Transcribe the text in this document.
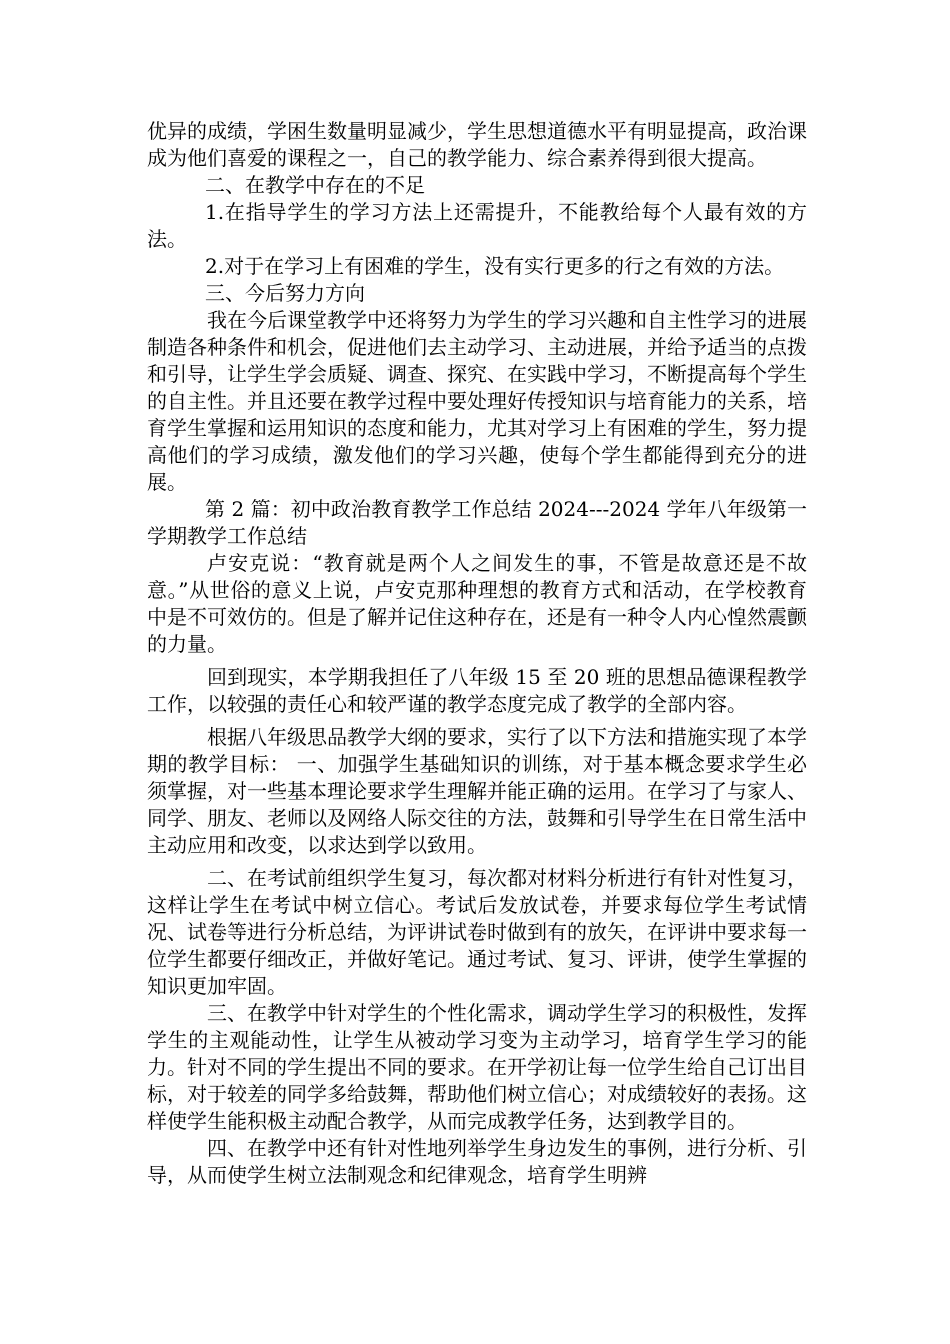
优异的成绩，学困生数量明显减少，学生思想道德水平有明显提高，政治课成为他们喜爱的课程之一，自己的教学能力、综合素养得到很大提高。

二、在教学中存在的不足

1.在指导学生的学习方法上还需提升，不能教给每个人最有效的方法。

2.对于在学习上有困难的学生，没有实行更多的行之有效的方法。

三、今后努力方向

我在今后课堂教学中还将努力为学生的学习兴趣和自主性学习的进展制造各种条件和机会，促进他们去主动学习、主动进展，并给予适当的点拨和引导，让学生学会质疑、调查、探究、在实践中学习，不断提高每个学生的自主性。并且还要在教学过程中要处理好传授知识与培育能力的关系，培育学生掌握和运用知识的态度和能力，尤其对学习上有困难的学生，努力提高他们的学习成绩，激发他们的学习兴趣，使每个学生都能得到充分的进展。

第 2 篇：初中政治教育教学工作总结 2024---2024 学年八年级第一学期教学工作总结

卢安克说：“教育就是两个人之间发生的事，不管是故意还是不故意。”从世俗的意义上说，卢安克那种理想的教育方式和活动，在学校教育中是不可效仿的。但是了解并记住这种存在，还是有一种令人内心惶然震颤的力量。

回到现实，本学期我担任了八年级 15 至 20 班的思想品德课程教学工作，以较强的责任心和较严谨的教学态度完成了教学的全部内容。

根据八年级思品教学大纲的要求，实行了以下方法和措施实现了本学期的教学目标： 一、加强学生基础知识的训练，对于基本概念要求学生必须掌握，对一些基本理论要求学生理解并能正确的运用。在学习了与家人、同学、朋友、老师以及网络人际交往的方法，鼓舞和引导学生在日常生活中主动应用和改变，以求达到学以致用。

二、在考试前组织学生复习，每次都对材料分析进行有针对性复习，这样让学生在考试中树立信心。考试后发放试卷，并要求每位学生考试情况、试卷等进行分析总结，为评讲试卷时做到有的放矢，在评讲中要求每一位学生都要仔细改正，并做好笔记。通过考试、复习、评讲，使学生掌握的知识更加牢固。

三、在教学中针对学生的个性化需求，调动学生学习的积极性，发挥学生的主观能动性，让学生从被动学习变为主动学习，培育学生学习的能力。针对不同的学生提出不同的要求。在开学初让每一位学生给自己订出目标，对于较差的同学多给鼓舞，帮助他们树立信心；对成绩较好的表扬。这样使学生能积极主动配合教学，从而完成教学任务，达到教学目的。

四、在教学中还有针对性地列举学生身边发生的事例，进行分析、引导，从而使学生树立法制观念和纪律观念，培育学生明辨
